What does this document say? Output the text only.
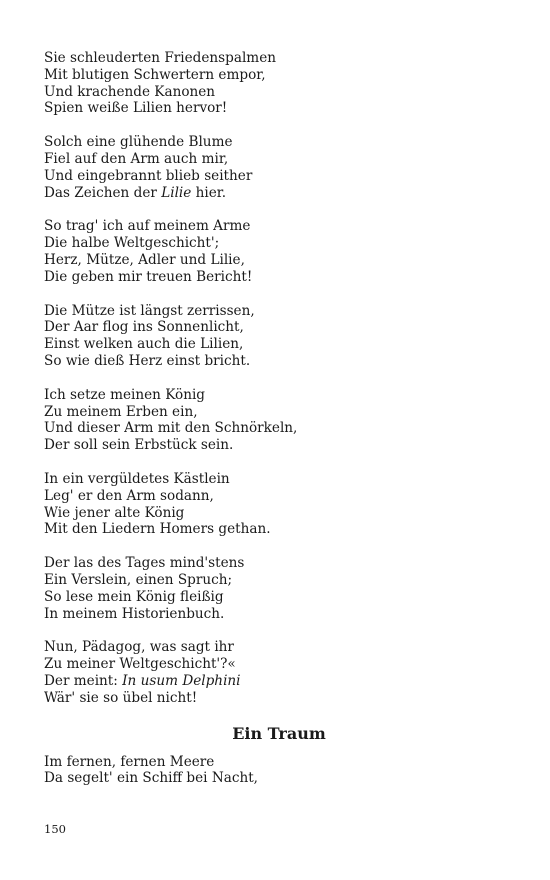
Sie schleuderten Friedenspalmen
Mit blutigen Schwertern empor,
Und krachende Kanonen
Spien weiße Lilien hervor!
Solch eine glühende Blume
Fiel auf den Arm auch mir,
Und eingebrannt blieb seither
Das Zeichen der Lilie hier.
So trag' ich auf meinem Arme
Die halbe Weltgeschicht';
Herz, Mütze, Adler und Lilie,
Die geben mir treuen Bericht!
Die Mütze ist längst zerrissen,
Der Aar flog ins Sonnenlicht,
Einst welken auch die Lilien,
So wie dieß Herz einst bricht.
Ich setze meinen König
Zu meinem Erben ein,
Und dieser Arm mit den Schnörkeln,
Der soll sein Erbstück sein.
In ein vergüldetes Kästlein
Leg' er den Arm sodann,
Wie jener alte König
Mit den Liedern Homers gethan.
Der las des Tages mind'stens
Ein Verslein, einen Spruch;
So lese mein König fleißig
In meinem Historienbuch.
Nun, Pädagog, was sagt ihr
Zu meiner Weltgeschicht'?«
Der meint: In usum Delphini
Wär' sie so übel nicht!
Ein Traum
Im fernen, fernen Meere
Da segelt' ein Schiff bei Nacht,
150
